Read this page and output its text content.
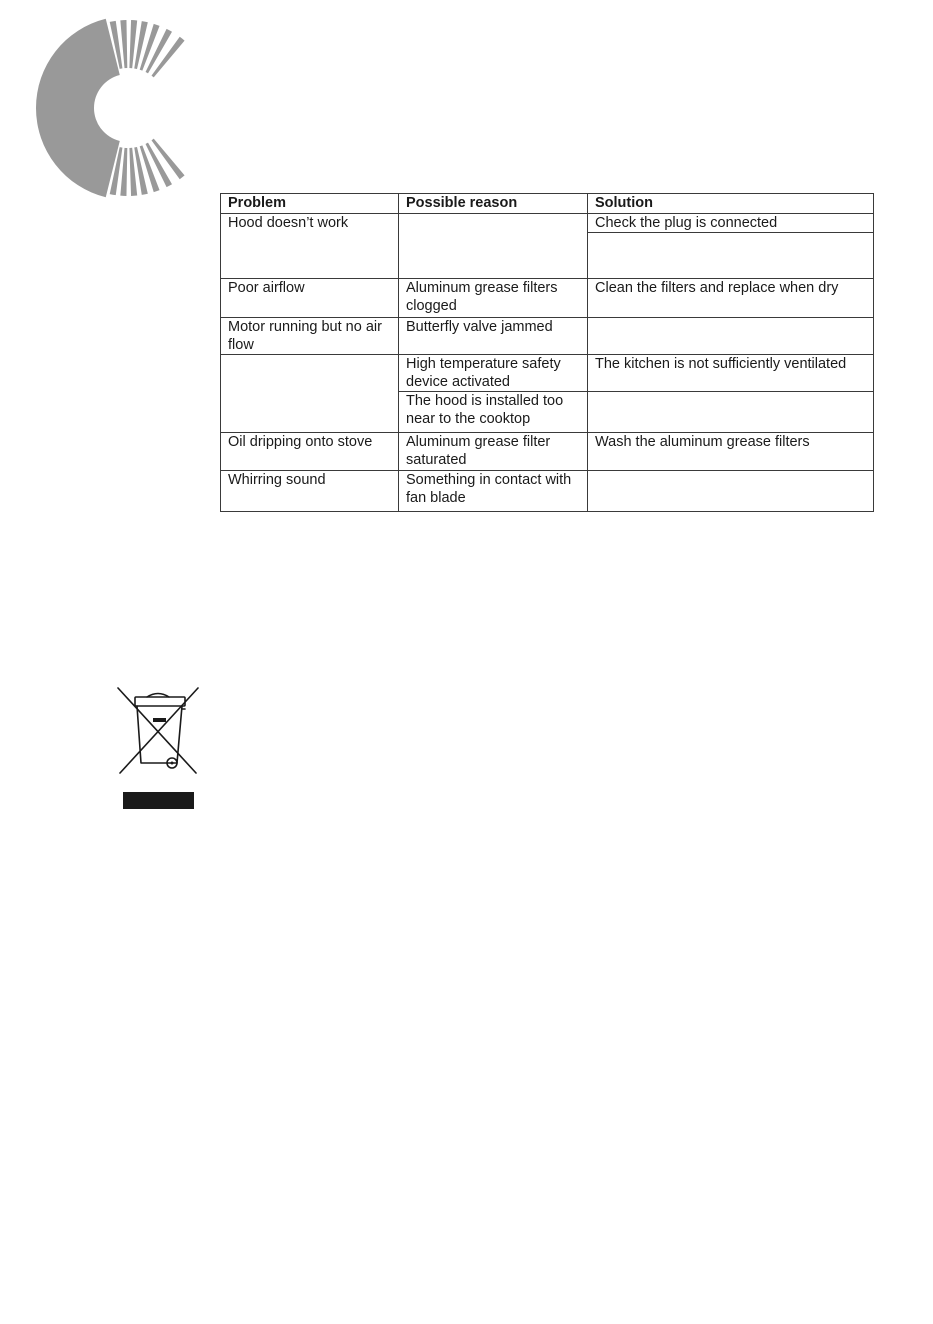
Problem	Possible reason	Solution
Hood doesn’t work		Check the plug is connected

Poor airflow	Aluminum grease filters clogged	Clean the filters and replace when dry
Motor running but no air flow	Butterfly valve jammed	
	High temperature safety device activated	The kitchen is not sufficiently ventilated
	The hood is installed too near to the cooktop	
Oil dripping onto stove	Aluminum grease filter saturated	Wash the aluminum grease filters
Whirring sound	Something in contact with fan blade	
